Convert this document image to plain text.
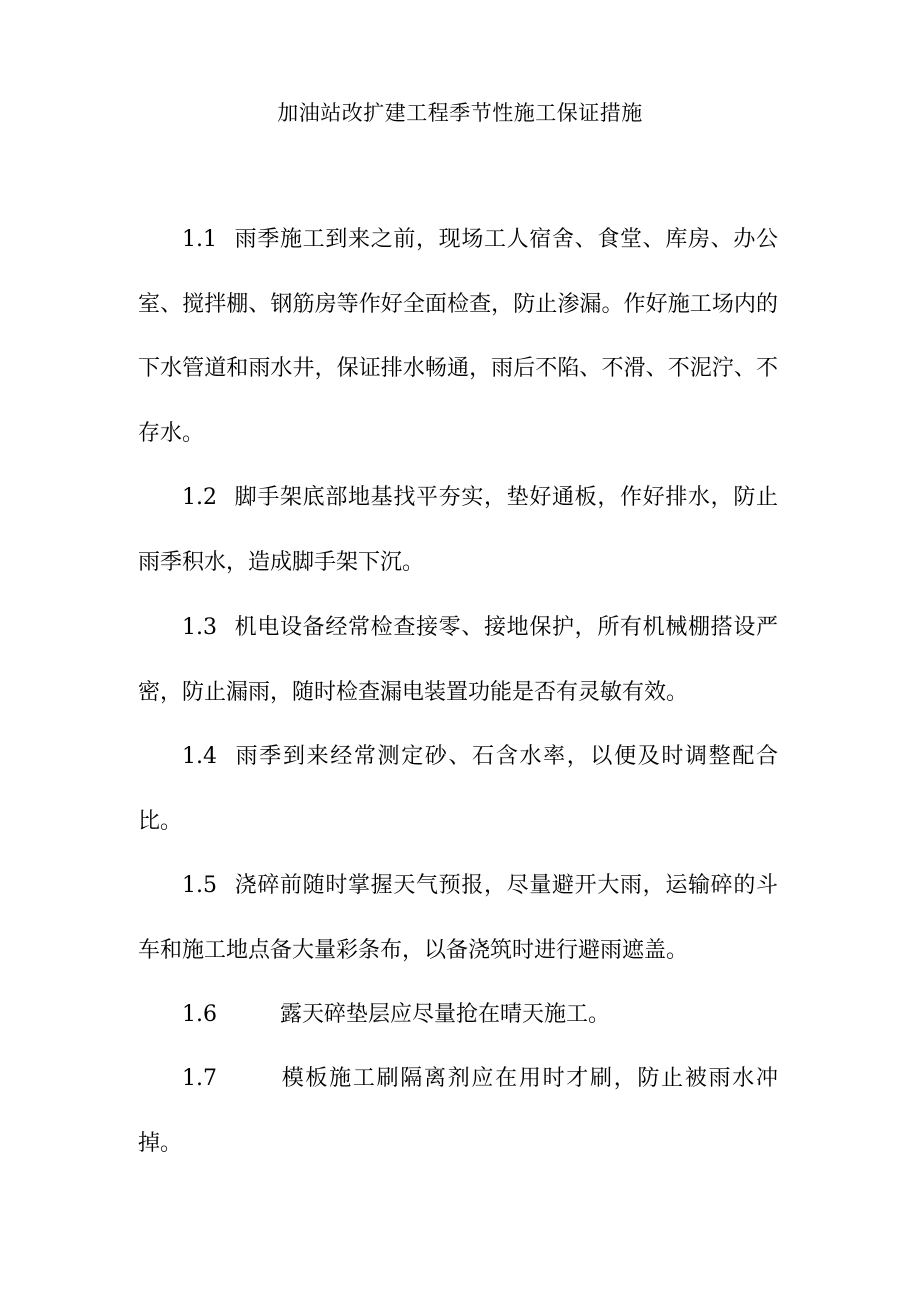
加油站改扩建工程季节性施工保证措施

1.1 雨季施工到来之前，现场工人宿舍、食堂、库房、办公室、搅拌棚、钢筋房等作好全面检查，防止渗漏。作好施工场内的下水管道和雨水井，保证排水畅通，雨后不陷、不滑、不泥泞、不存水。

1.2 脚手架底部地基找平夯实，垫好通板，作好排水，防止雨季积水，造成脚手架下沉。

1.3 机电设备经常检查接零、接地保护，所有机械棚搭设严密，防止漏雨，随时检查漏电装置功能是否有灵敏有效。

1.4 雨季到来经常测定砂、石含水率，以便及时调整配合比。

1.5 浇碎前随时掌握天气预报，尽量避开大雨，运输碎的斗车和施工地点备大量彩条布，以备浇筑时进行避雨遮盖。

1.6	露天碎垫层应尽量抢在晴天施工。

1.7	模板施工刷隔离剂应在用时才刷，防止被雨水冲掉。
